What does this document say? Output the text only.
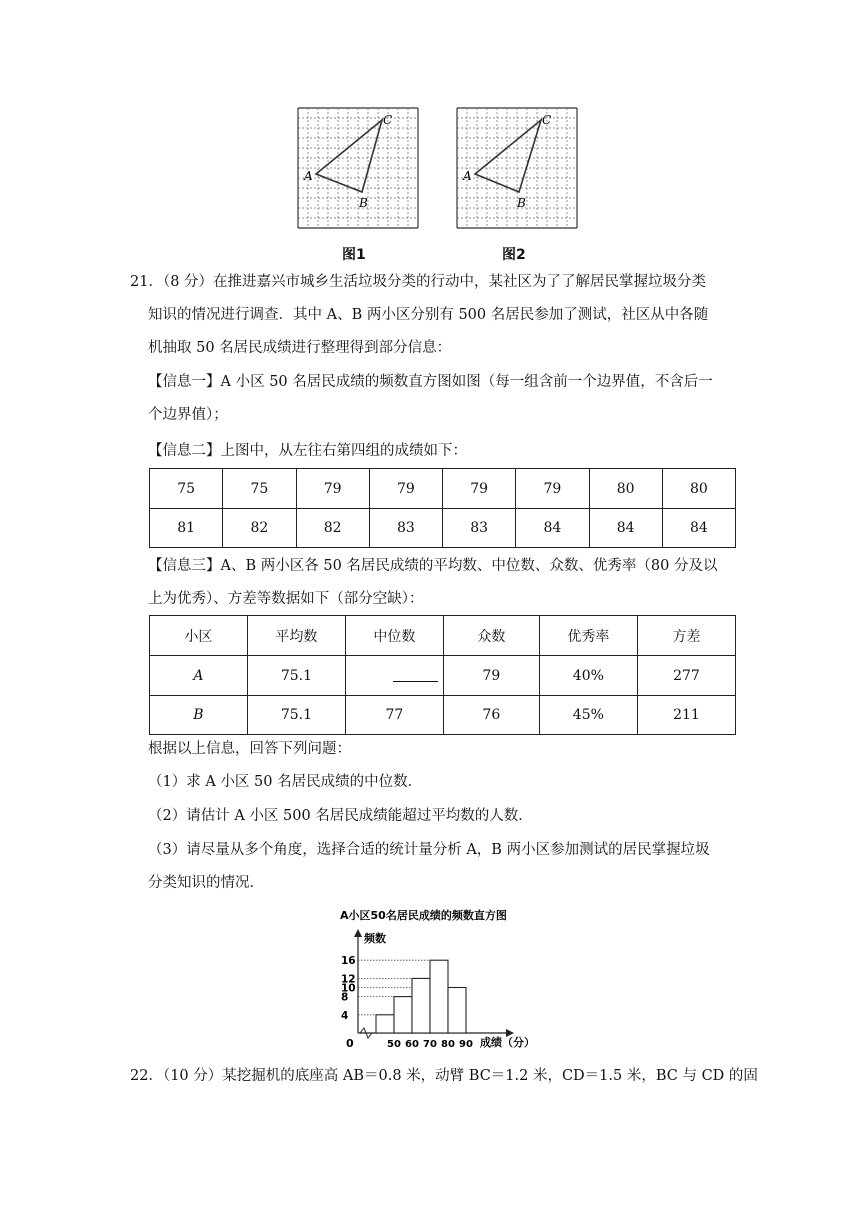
A
B
C
图1
A
B
C
图2
21．（8 分）在推进嘉兴市城乡生活垃圾分类的行动中，某社区为了了解居民掌握垃圾分类
知识的情况进行调查．其中 A、B 两小区分别有 500 名居民参加了测试，社区从中各随
机抽取 50 名居民成绩进行整理得到部分信息：
【信息一】A 小区 50 名居民成绩的频数直方图如图（每一组含前一个边界值，不含后一
个边界值）；
【信息二】上图中，从左往右第四组的成绩如下：
75	75	79	79	79	79	80	80
81	82	82	83	83	84	84	84
【信息三】A、B 两小区各 50 名居民成绩的平均数、中位数、众数、优秀率（80 分及以
上为优秀）、方差等数据如下（部分空缺）：
小区	平均数	中位数	众数	优秀率	方差
A	75.1		79	40%	277
B	75.1	77	76	45%	211
根据以上信息，回答下列问题：
（1）求 A 小区 50 名居民成绩的中位数．
（2）请估计 A 小区 500 名居民成绩能超过平均数的人数．
（3）请尽量从多个角度，选择合适的统计量分析 A，B 两小区参加测试的居民掌握垃圾
分类知识的情况．
A小区50名居民成绩的频数直方图
4
8
10
12
16
50 60 70 80 90
频数
成绩（分）
0
22．（10 分）某挖掘机的底座高 AB＝0.8 米，动臂 BC＝1.2 米，CD＝1.5 米，BC 与 CD 的固
